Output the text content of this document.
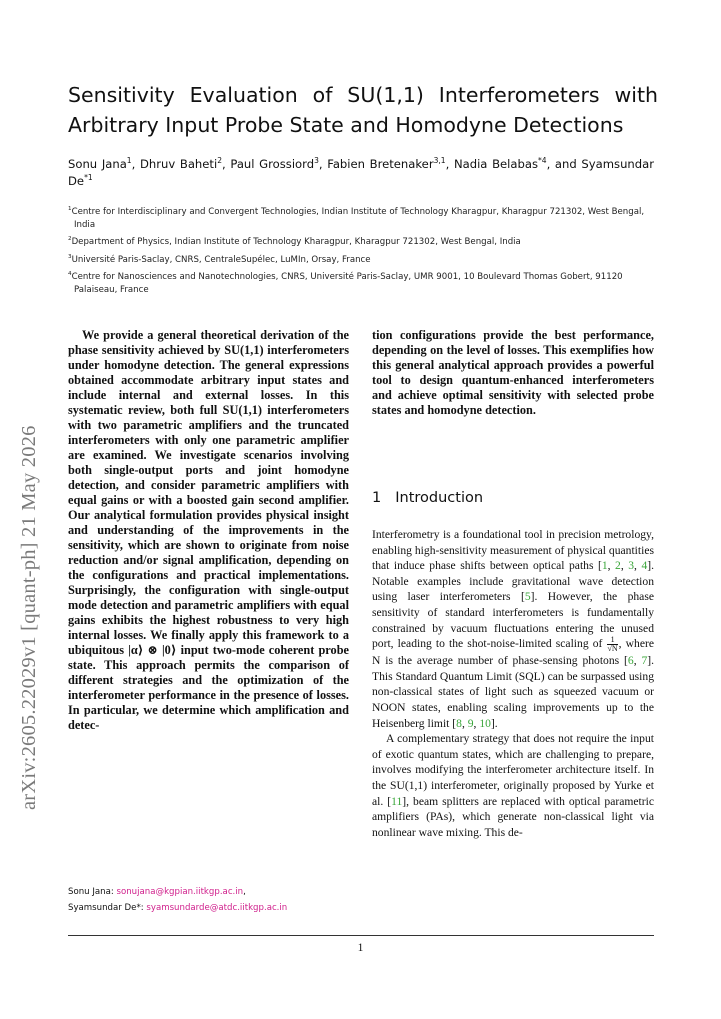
arXiv:2605.22029v1 [quant-ph] 21 May 2026
Sensitivity Evaluation of SU(1,1) Interferometers with Arbitrary Input Probe State and Homodyne Detections
Sonu Jana$^1$, Dhruv Baheti$^2$, Paul Grossiord$^3$, Fabien Bretenaker$^{3,1}$, Nadia Belabas$^{*4}$, and Syamsundar De$^{*1}$

$^1$Centre for Interdisciplinary and Convergent Technologies, Indian Institute of Technology Kharagpur, Kharagpur 721302, West Bengal, India

$^2$Department of Physics, Indian Institute of Technology Kharagpur, Kharagpur 721302, West Bengal, India

$^3$Université Paris-Saclay, CNRS, CentraleSupélec, LuMIn, Orsay, France

$^4$Centre for Nanosciences and Nanotechnologies, CNRS, Université Paris-Saclay, UMR 9001, 10 Boulevard Thomas Gobert, 91120 Palaiseau, France

We provide a general theoretical derivation of the phase sensitivity achieved by SU(1,1) interferometers under homodyne detection. The general expressions obtained accommodate arbitrary input states and include internal and external losses. In this systematic review, both full SU(1,1) interferometers with two parametric amplifiers and the truncated interferometers with only one parametric amplifier are examined. We investigate scenarios involving both single-output ports and joint homodyne detection, and consider parametric amplifiers with equal gains or with a boosted gain second amplifier. Our analytical formulation provides physical insight and understanding of the improvements in the sensitivity, which are shown to originate from noise reduction and/or signal amplification, depending on the configurations and practical implementations. Surprisingly, the configuration with single-output mode detection and parametric amplifiers with equal gains exhibits the highest robustness to very high internal losses. We finally apply this framework to a ubiquitous |α⟩ ⊗ |0⟩ input two-mode coherent probe state. This approach permits the comparison of different strategies and the optimization of the interferometer performance in the presence of losses. In particular, we determine which amplification and detec-

tion configurations provide the best performance, depending on the level of losses. This exemplifies how this general analytical approach provides a powerful tool to design quantum-enhanced interferometers and achieve optimal sensitivity with selected probe states and homodyne detection.
Sonu Jana: sonujana@kgpian.iitkgp.ac.in,
Syamsundar De*: syamsundarde@atdc.iitkgp.ac.in
1 Introduction

Interferometry is a foundational tool in precision metrology, enabling high-sensitivity measurement of physical quantities that induce phase shifts between optical paths [1, 2, 3, 4]. Notable examples include gravitational wave detection using laser interferometers [5]. However, the phase sensitivity of standard interferometers is fundamentally constrained by vacuum fluctuations entering the unused port, leading to the shot-noise-limited scaling of $\frac{1}{√N}$ , where N is the average number of phase-sensing photons [6, 7]. This Standard Quantum Limit (SQL) can be surpassed using non-classical states of light such as squeezed vacuum or NOON states, enabling scaling improvements up to the Heisenberg limit [8, 9, 10].

A complementary strategy that does not require the input of exotic quantum states, which are challenging to prepare, involves modifying the interferometer architecture itself. In the SU(1,1) interferometer, originally proposed by Yurke et al. [11], beam splitters are replaced with optical parametric amplifiers (PAs), which generate non-classical light via nonlinear wave mixing. This de-

1
